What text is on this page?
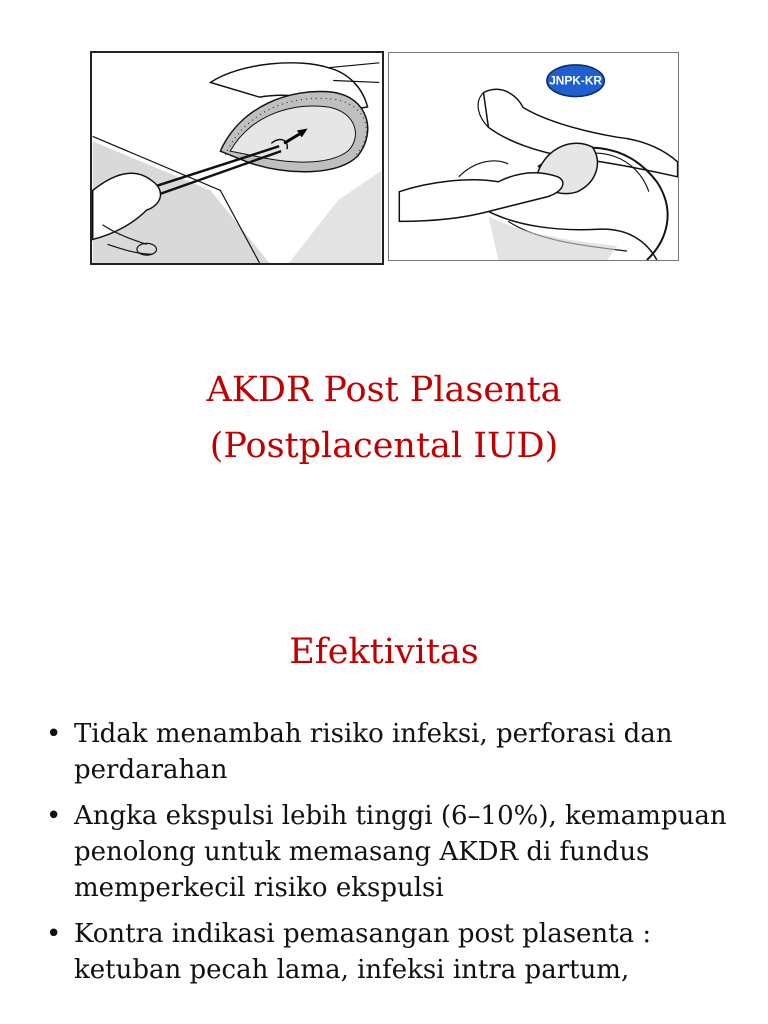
JNPK-KR
AKDR Post Plasenta
(Postplacental IUD)
Efektivitas
• Tidak menambah risiko infeksi, perforasi dan perdarahan
• Angka ekspulsi lebih tinggi (6–10%), kemampuan penolong untuk memasang AKDR di fundus memperkecil risiko ekspulsi
• Kontra indikasi pemasangan post plasenta : ketuban pecah lama, infeksi intra partum,
